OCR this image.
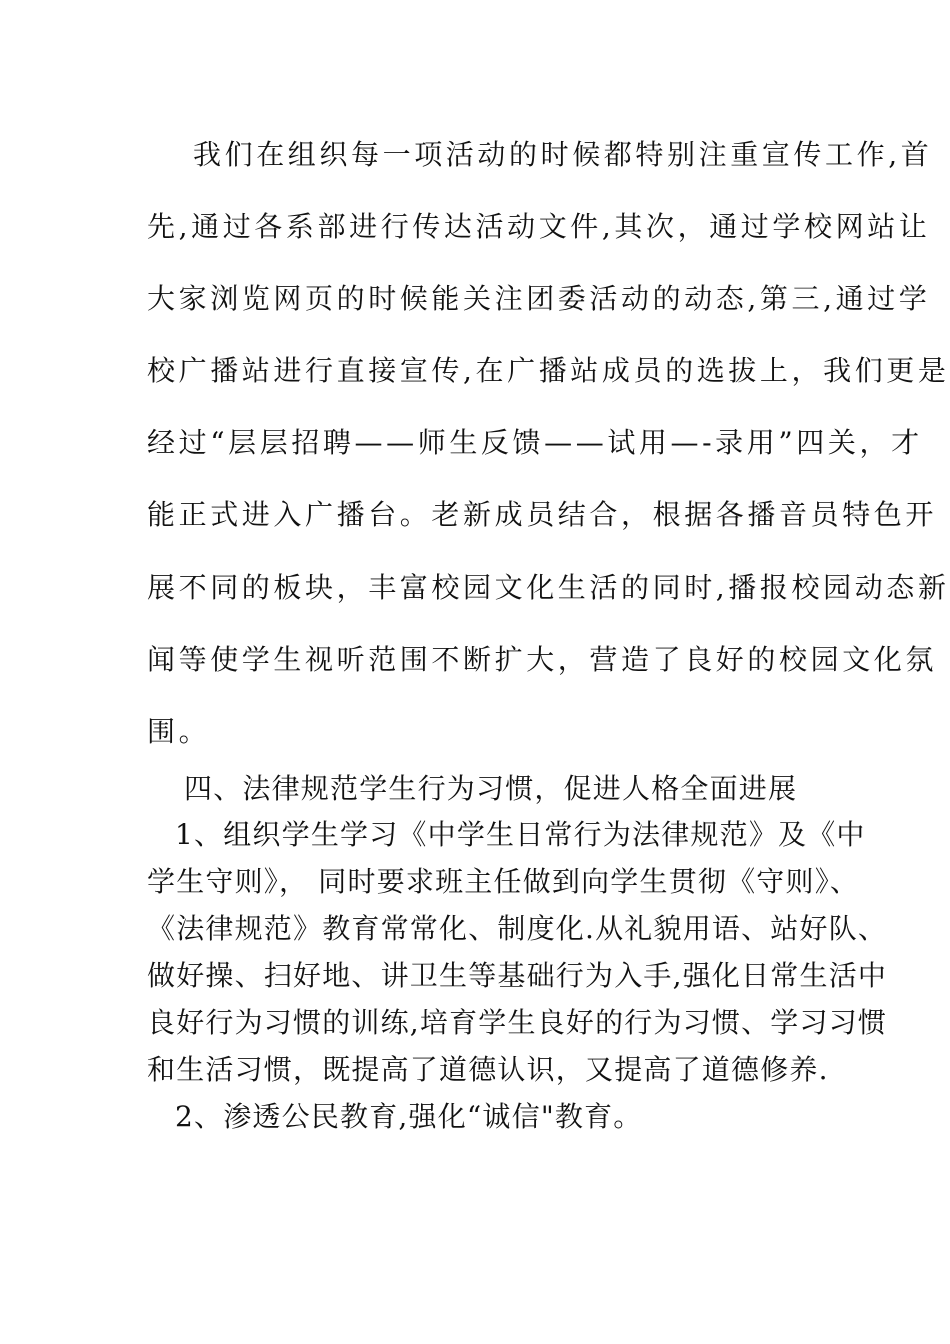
我们在组织每一项活动的时候都特别注重宣传工作,首
先,通过各系部进行传达活动文件,其次，通过学校网站让
大家浏览网页的时候能关注团委活动的动态,第三,通过学
校广播站进行直接宣传,在广播站成员的选拔上，我们更是
经过“层层招聘——师生反馈——试用—-录用”四关，才
能正式进入广播台。老新成员结合，根据各播音员特色开
展不同的板块，丰富校园文化生活的同时,播报校园动态新
闻等使学生视听范围不断扩大，营造了良好的校园文化氛
围。
四、法律规范学生行为习惯，促进人格全面进展
1、组织学生学习《中学生日常行为法律规范》及《中
学生守则》， 同时要求班主任做到向学生贯彻《守则》、
《法律规范》教育常常化、制度化.从礼貌用语、站好队、
做好操、扫好地、讲卫生等基础行为入手,强化日常生活中
良好行为习惯的训练,培育学生良好的行为习惯、学习习惯
和生活习惯，既提高了道德认识，又提高了道德修养.
2、渗透公民教育,强化“诚信"教育。
